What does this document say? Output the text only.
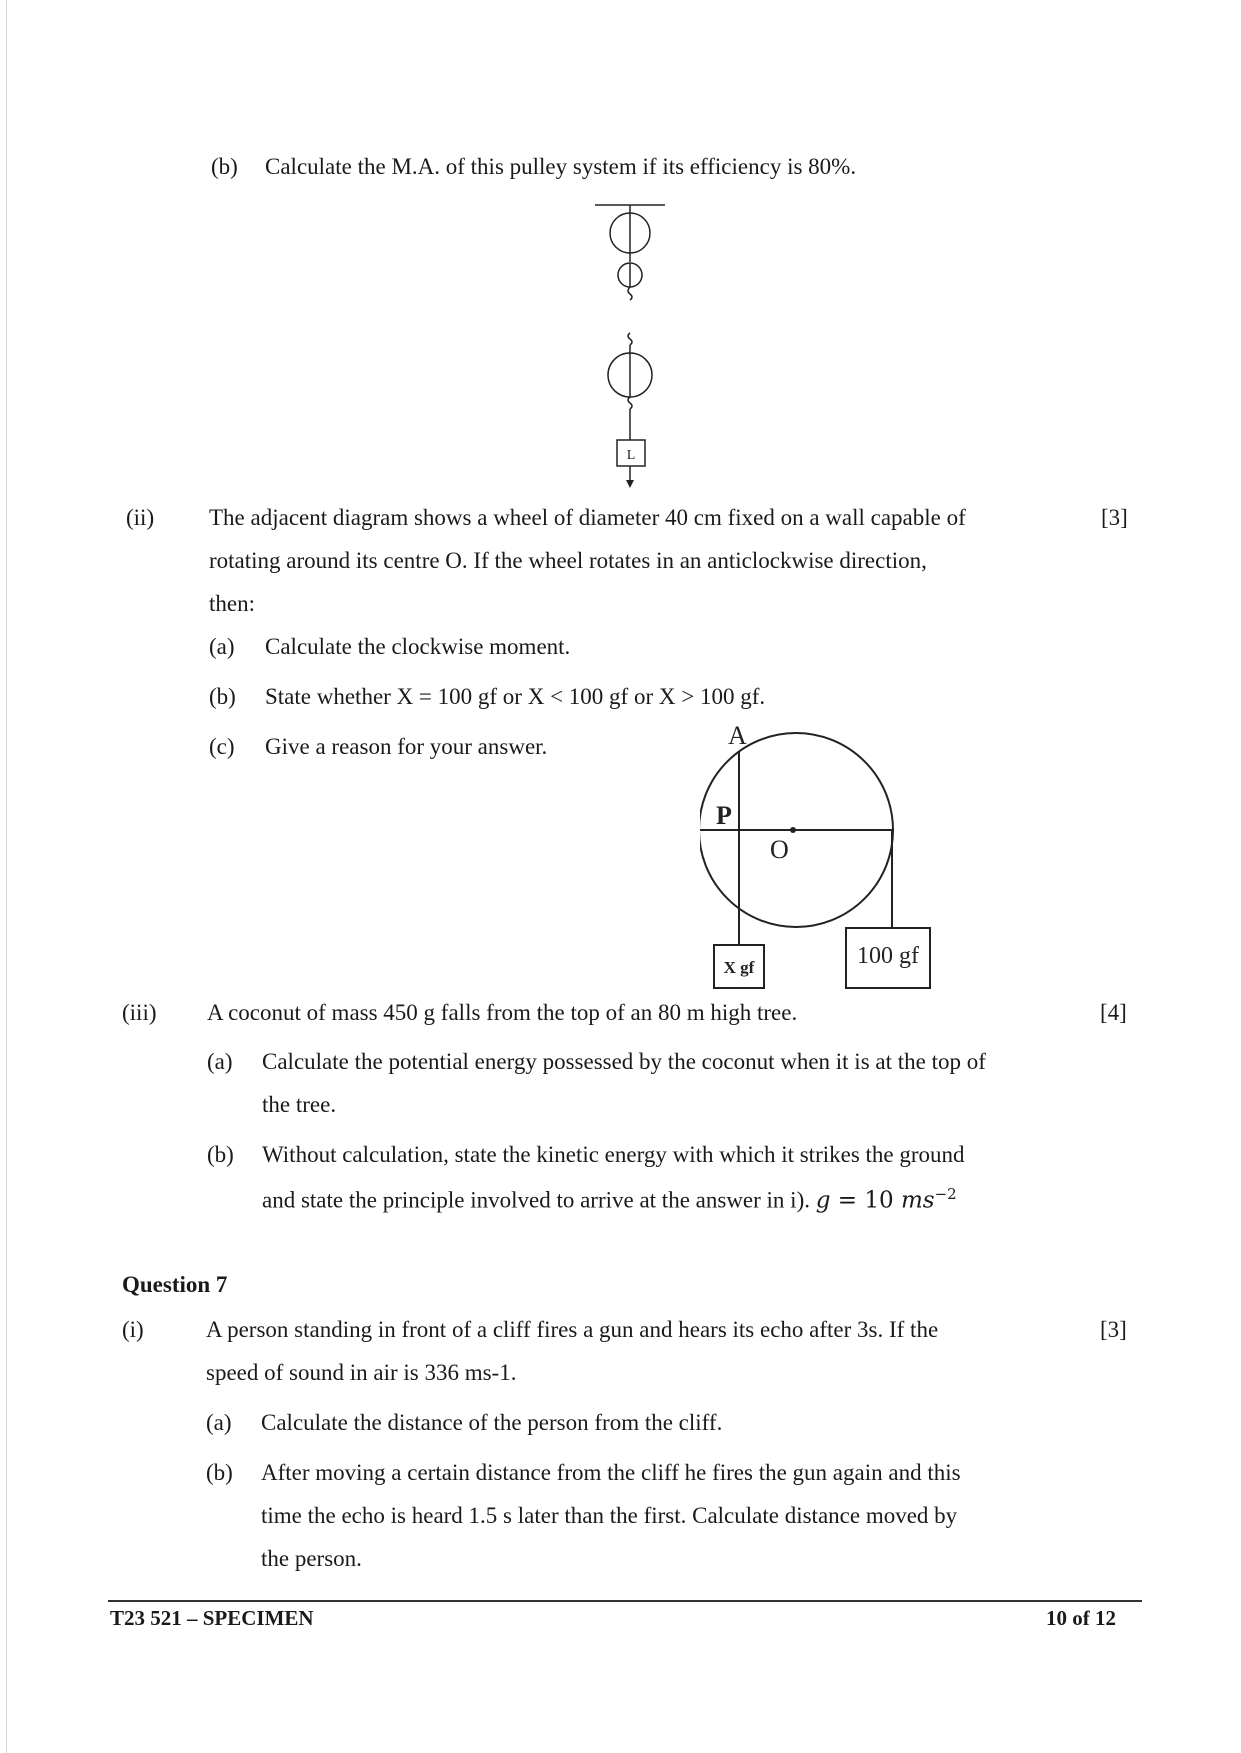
(b) Calculate the M.A. of this pulley system if its efficiency is 80%.
L
(ii)	[3]
The adjacent diagram shows a wheel of diameter 40 cm fixed on a wall capable of
rotating around its centre O. If the wheel rotates in an anticlockwise direction,
then:
(a) Calculate the clockwise moment.
(b) State whether X = 100 gf or X < 100 gf or X > 100 gf.
(c) Give a reason for your answer.	A
P
O
X gf	100 gf
(iii)	[4]
A coconut of mass 450 g falls from the top of an 80 m high tree.
(a) Calculate the potential energy possessed by the coconut when it is at the top of
the tree.
(b) Without calculation, state the kinetic energy with which it strikes the ground
and state the principle involved to arrive at the answer in i). g = 10 $ms^{-2}$
Question 7
(i)	[3]
A person standing in front of a cliff fires a gun and hears its echo after 3s. If the
speed of sound in air is 336 ms-1.
(a) Calculate the distance of the person from the cliff.
(b) After moving a certain distance from the cliff he fires the gun again and this
time the echo is heard 1.5 s later than the first. Calculate distance moved by
the person.
T23 521 – SPECIMEN	10 of 12
